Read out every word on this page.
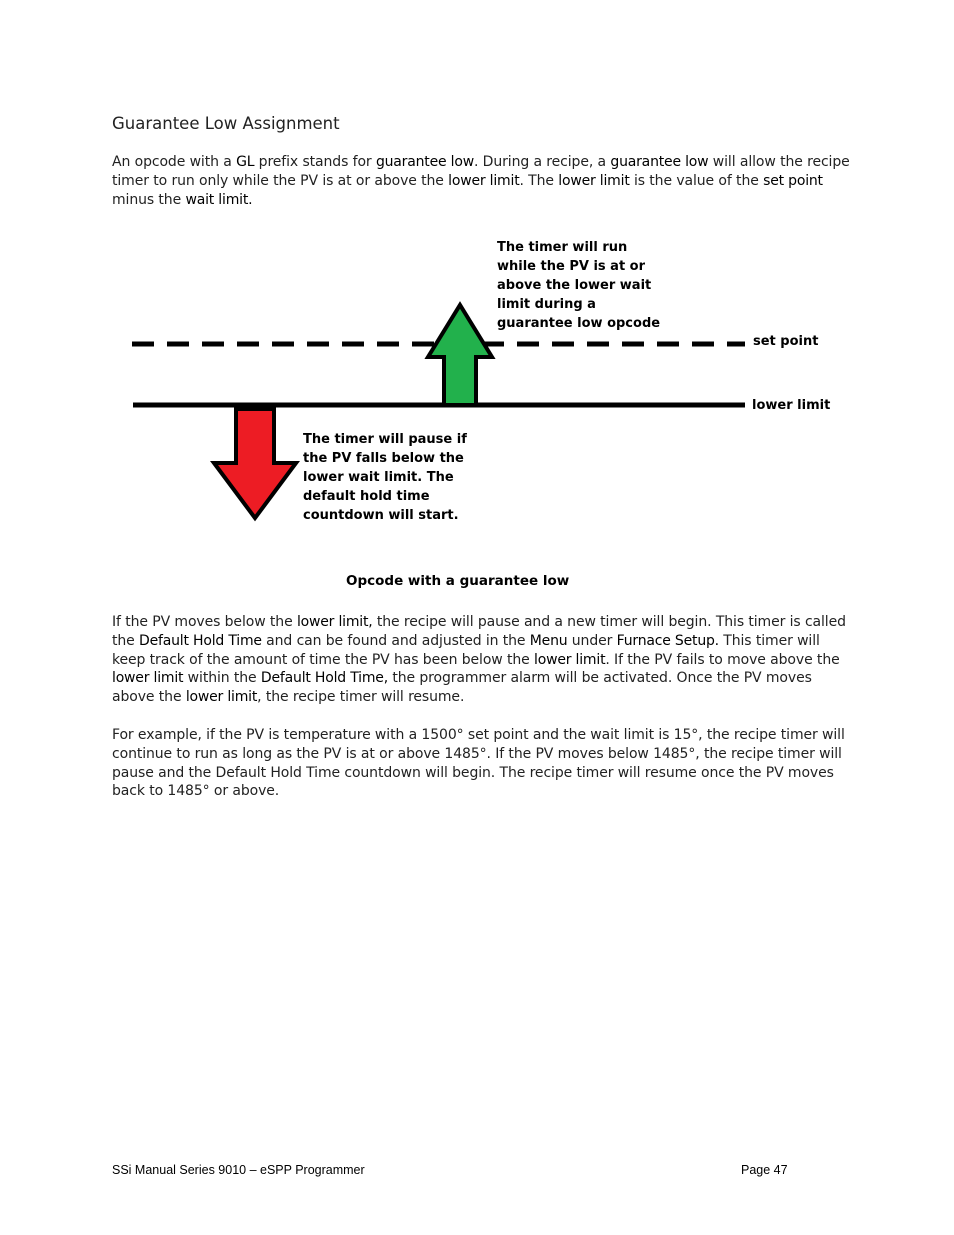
Guarantee Low Assignment
An opcode with a GL prefix stands for guarantee low. During a recipe, a guarantee low will allow the recipe timer to run only while the PV is at or above the lower limit. The lower limit is the value of the set point minus the wait limit.
set point
lower limit
The timer will run
while the PV is at or
above the lower wait
limit during a
guarantee low opcode
The timer will pause if
the PV falls below the
lower wait limit. The
default hold time
countdown will start.
Opcode with a guarantee low
If the PV moves below the lower limit, the recipe will pause and a new timer will begin. This timer is called the Default Hold Time and can be found and adjusted in the Menu under Furnace Setup. This timer will keep track of the amount of time the PV has been below the lower limit. If the PV fails to move above the lower limit within the Default Hold Time, the programmer alarm will be activated. Once the PV moves above the lower limit, the recipe timer will resume.
For example, if the PV is temperature with a 1500° set point and the wait limit is 15°, the recipe timer will continue to run as long as the PV is at or above 1485°. If the PV moves below 1485°, the recipe timer will pause and the Default Hold Time countdown will begin. The recipe timer will resume once the PV moves back to 1485° or above.
SSi Manual Series 9010 – eSPP Programmer	Page 47
